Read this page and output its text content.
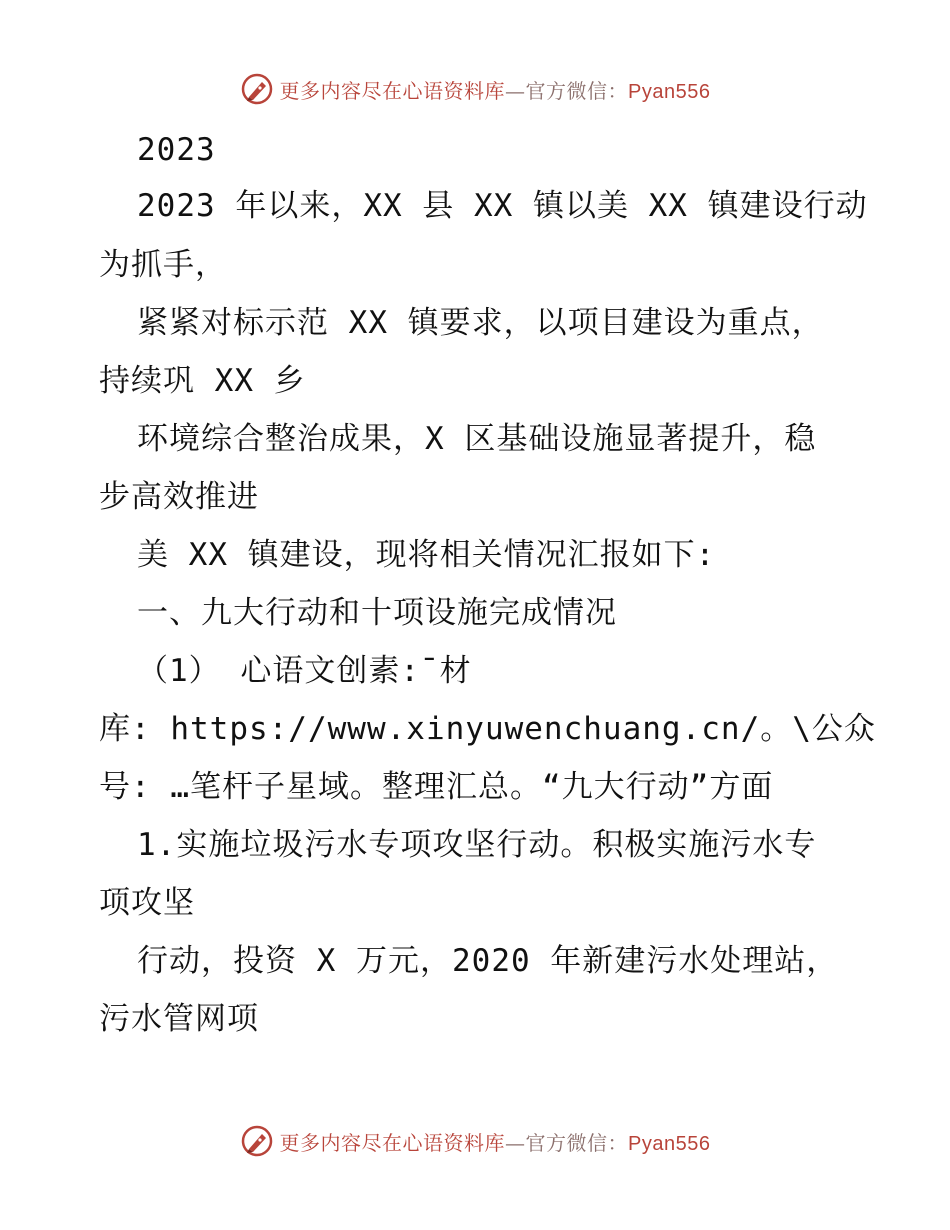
更多内容尽在心语资料库—官方微信：Pyan556
2023
2023 年以来，XX 县 XX 镇以美 XX 镇建设行动
为抓手，
紧紧对标示范 XX 镇要求，以项目建设为重点，
持续巩 XX 乡
环境综合整治成果，X 区基础设施显著提升，稳
步高效推进
美 XX 镇建设，现将相关情况汇报如下:
一、九大行动和十项设施完成情况
（1） 心语文创素:¯材
库: https://www.xinyuwenchuang.cn/。\公众
号: …笔杆子星域。整理汇总。“九大行动”方面
1.实施垃圾污水专项攻坚行动。积极实施污水专
项攻坚
行动，投资 X 万元，2020 年新建污水处理站，
污水管网项
更多内容尽在心语资料库—官方微信：Pyan556
